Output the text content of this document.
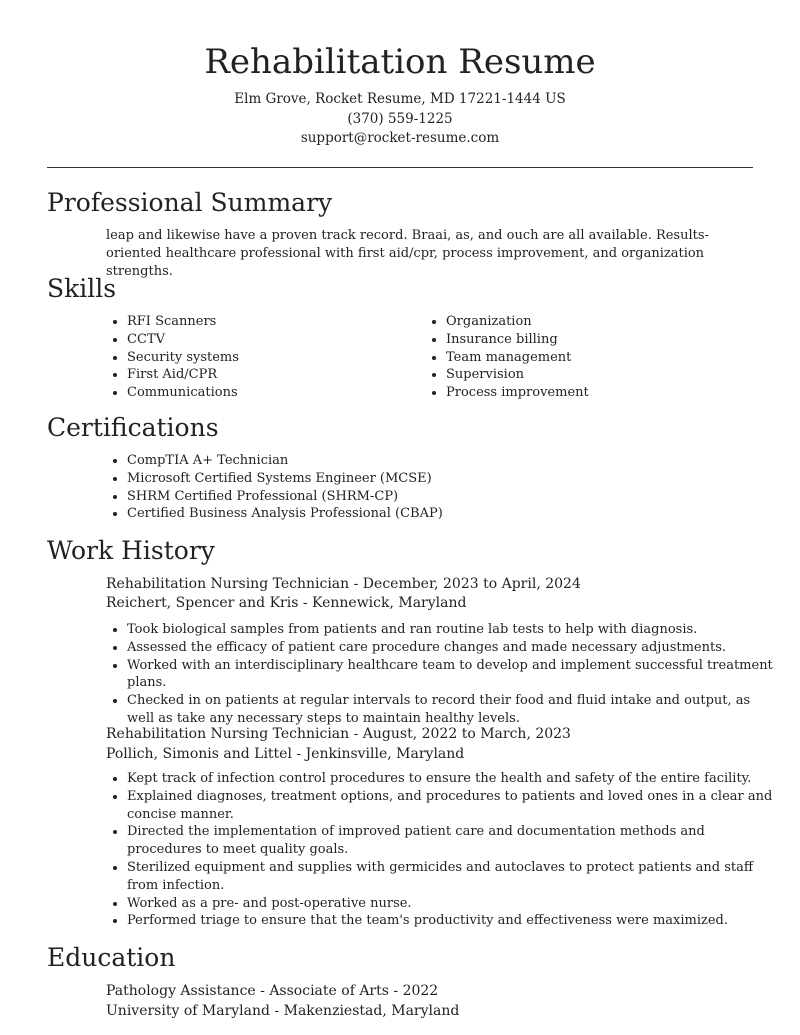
Rehabilitation Resume
Elm Grove, Rocket Resume, MD 17221-1444 US
(370) 559-1225
support@rocket-resume.com
Professional Summary
leap and likewise have a proven track record. Braai, as, and ouch are all available. Results-oriented healthcare professional with first aid/cpr, process improvement, and organization strengths.
Skills
• RFI Scanners
• CCTV
• Security systems
• First Aid/CPR
• Communications
• Organization
• Insurance billing
• Team management
• Supervision
• Process improvement
Certifications
• CompTIA A+ Technician
• Microsoft Certified Systems Engineer (MCSE)
• SHRM Certified Professional (SHRM-CP)
• Certified Business Analysis Professional (CBAP)
Work History
Rehabilitation Nursing Technician - December, 2023 to April, 2024
Reichert, Spencer and Kris - Kennewick, Maryland
• Took biological samples from patients and ran routine lab tests to help with diagnosis.
• Assessed the efficacy of patient care procedure changes and made necessary adjustments.
• Worked with an interdisciplinary healthcare team to develop and implement successful treatment plans.
• Checked in on patients at regular intervals to record their food and fluid intake and output, as well as take any necessary steps to maintain healthy levels.
Rehabilitation Nursing Technician - August, 2022 to March, 2023
Pollich, Simonis and Littel - Jenkinsville, Maryland
• Kept track of infection control procedures to ensure the health and safety of the entire facility.
• Explained diagnoses, treatment options, and procedures to patients and loved ones in a clear and concise manner.
• Directed the implementation of improved patient care and documentation methods and procedures to meet quality goals.
• Sterilized equipment and supplies with germicides and autoclaves to protect patients and staff from infection.
• Worked as a pre- and post-operative nurse.
• Performed triage to ensure that the team's productivity and effectiveness were maximized.
Education
Pathology Assistance - Associate of Arts - 2022
University of Maryland - Makenziestad, Maryland
